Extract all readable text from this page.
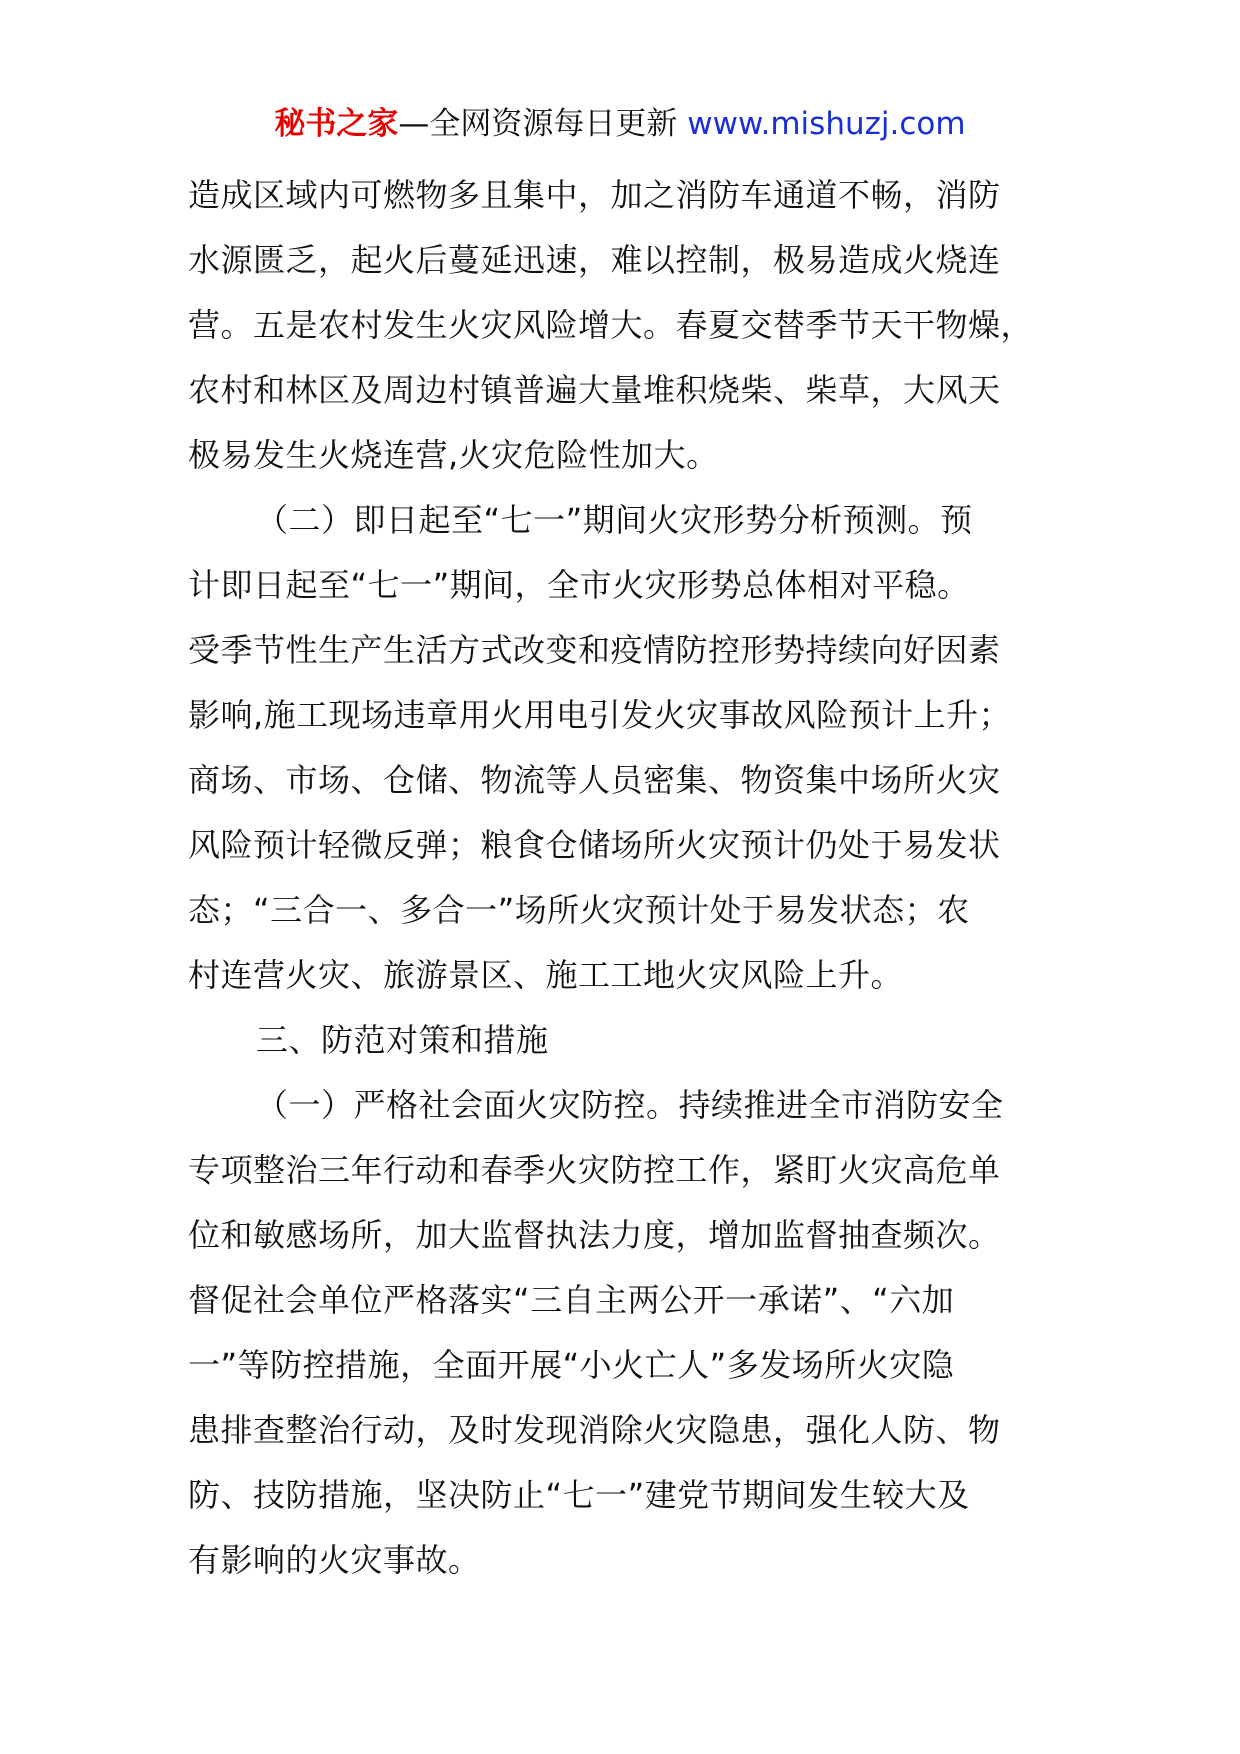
秘书之家—全网资源每日更新 www.mishuzj.com
造成区域内可燃物多且集中，加之消防车通道不畅，消防
水源匮乏，起火后蔓延迅速，难以控制，极易造成火烧连
营。五是农村发生火灾风险增大。春夏交替季节天干物燥，
农村和林区及周边村镇普遍大量堆积烧柴、柴草，大风天
极易发生火烧连营,火灾危险性加大。
（二）即日起至“七一”期间火灾形势分析预测。预
计即日起至“七一”期间，全市火灾形势总体相对平稳。
受季节性生产生活方式改变和疫情防控形势持续向好因素
影响,施工现场违章用火用电引发火灾事故风险预计上升；
商场、市场、仓储、物流等人员密集、物资集中场所火灾
风险预计轻微反弹；粮食仓储场所火灾预计仍处于易发状
态；“三合一、多合一”场所火灾预计处于易发状态；农
村连营火灾、旅游景区、施工工地火灾风险上升。
三、防范对策和措施
（一）严格社会面火灾防控。持续推进全市消防安全
专项整治三年行动和春季火灾防控工作，紧盯火灾高危单
位和敏感场所，加大监督执法力度，增加监督抽查频次。
督促社会单位严格落实“三自主两公开一承诺”、“六加
一”等防控措施，全面开展“小火亡人”多发场所火灾隐
患排查整治行动，及时发现消除火灾隐患，强化人防、物
防、技防措施，坚决防止“七一”建党节期间发生较大及
有影响的火灾事故。
